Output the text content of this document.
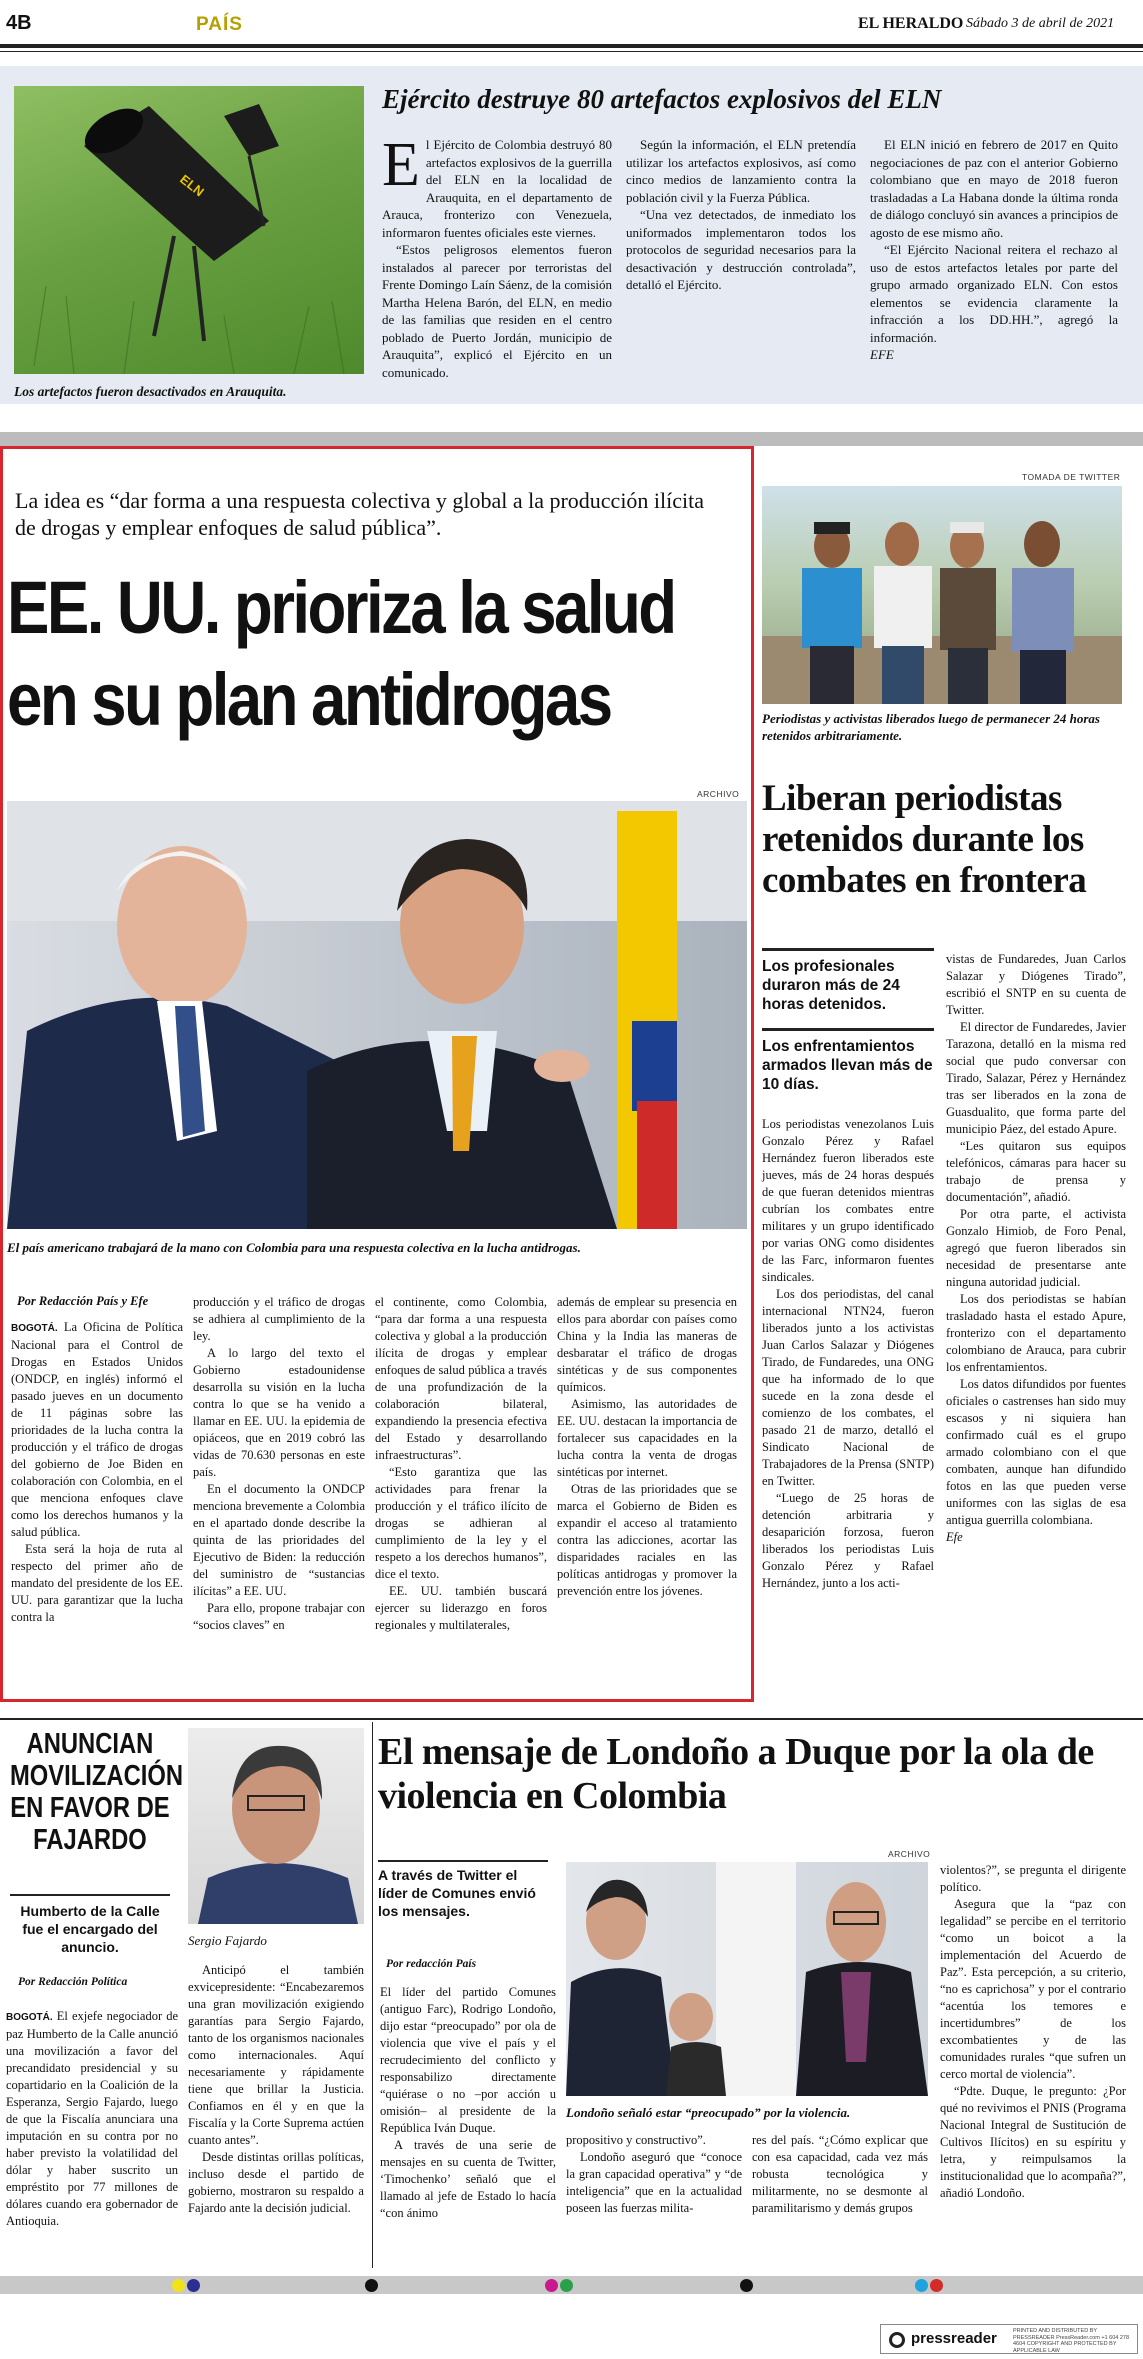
4B	PAÍS	EL HERALDO Sábado 3 de abril de 2021
ELN
Los artefactos fueron desactivados en Arauquita.
Ejército destruye 80 artefactos explosivos del ELN
E l Ejército de Colombia destruyó 80 artefactos explosivos de la guerrilla del ELN en la localidad de Arauquita, en el departamento de Arauca, fronterizo con Venezuela, informaron fuentes oficiales este viernes.

“Estos peligrosos elementos fueron instalados al parecer por terroristas del Frente Domingo Laín Sáenz, de la comisión Martha Helena Barón, del ELN, en medio de las familias que residen en el centro poblado de Puerto Jordán, municipio de Arauquita”, explicó el Ejército en un comunicado.

Según la información, el ELN pretendía utilizar los artefactos explosivos, así como cinco medios de lanzamiento contra la población civil y la Fuerza Pública.

“Una vez detectados, de inmediato los uniformados implementaron todos los protocolos de seguridad necesarios para la desactivación y destrucción controlada”, detalló el Ejército.

El ELN inició en febrero de 2017 en Quito negociaciones de paz con el anterior Gobierno colombiano que en mayo de 2018 fueron trasladadas a La Habana donde la última ronda de diálogo concluyó sin avances a principios de agosto de ese mismo año.

“El Ejército Nacional reitera el rechazo al uso de estos artefactos letales por parte del grupo armado organizado ELN. Con estos elementos se evidencia claramente la infracción a los DD.HH.”, agregó la información.

EFE

La idea es “dar forma a una respuesta colectiva y global a la producción ilícita de drogas y emplear enfoques de salud pública”.
EE. UU. prioriza la salud
en su plan antidrogas
ARCHIVO
El país americano trabajará de la mano con Colombia para una respuesta colectiva en la lucha antidrogas.
Por Redacción País y Efe

BOGOTÁ. La Oficina de Política Nacional para el Control de Drogas en Estados Unidos (ONDCP, en inglés) informó el pasado jueves en un documento de 11 páginas sobre las prioridades de la lucha contra la producción y el tráfico de drogas del gobierno de Joe Biden en colaboración con Colombia, en el que menciona enfoques clave como los derechos humanos y la salud pública.

Esta será la hoja de ruta al respecto del primer año de mandato del presidente de los EE. UU. para garantizar que la lucha contra la

producción y el tráfico de drogas se adhiera al cumplimiento de la ley.

A lo largo del texto el Gobierno estadounidense desarrolla su visión en la lucha contra lo que se ha venido a llamar en EE. UU. la epidemia de opiáceos, que en 2019 cobró las vidas de 70.630 personas en este país.

En el documento la ONDCP menciona brevemente a Colombia en el apartado donde describe la quinta de las prioridades del Ejecutivo de Biden: la reducción del suministro de “sustancias ilícitas” a EE. UU.

Para ello, propone trabajar con “socios claves” en

el continente, como Colombia, “para dar forma a una respuesta colectiva y global a la producción ilícita de drogas y emplear enfoques de salud pública a través de una profundización de la colaboración bilateral, expandiendo la presencia efectiva del Estado y desarrollando infraestructuras”.

“Esto garantiza que las actividades para frenar la producción y el tráfico ilícito de drogas se adhieran al cumplimiento de la ley y el respeto a los derechos humanos”, dice el texto.

EE. UU. también buscará ejercer su liderazgo en foros regionales y multilaterales,

además de emplear su presencia en ellos para abordar con países como China y la India las maneras de desbaratar el tráfico de drogas sintéticas y de sus componentes químicos.

Asimismo, las autoridades de EE. UU. destacan la importancia de fortalecer sus capacidades en la lucha contra la venta de drogas sintéticas por internet.

Otras de las prioridades que se marca el Gobierno de Biden es expandir el acceso al tratamiento contra las adicciones, acortar las disparidades raciales en las políticas antidrogas y promover la prevención entre los jóvenes.

TOMADA DE TWITTER
Periodistas y activistas liberados luego de permanecer 24 horas retenidos arbitrariamente.
Liberan periodistas retenidos durante los combates en frontera
Los profesionales duraron más de 24 horas detenidos.
Los enfrentamientos armados llevan más de 10 días.

Los periodistas venezolanos Luis Gonzalo Pérez y Rafael Hernández fueron liberados este jueves, más de 24 horas después de que fueran detenidos mientras cubrían los combates entre militares y un grupo identificado por varias ONG como disidentes de las Farc, informaron fuentes sindicales.

Los dos periodistas, del canal internacional NTN24, fueron liberados junto a los activistas Juan Carlos Salazar y Diógenes Tirado, de Fundaredes, una ONG que ha informado de lo que sucede en la zona desde el comienzo de los combates, el pasado 21 de marzo, detalló el Sindicato Nacional de Trabajadores de la Prensa (SNTP) en Twitter.

“Luego de 25 horas de detención arbitraria y desaparición forzosa, fueron liberados los periodistas Luis Gonzalo Pérez y Rafael Hernández, junto a los acti-

vistas de Fundaredes, Juan Carlos Salazar y Diógenes Tirado”, escribió el SNTP en su cuenta de Twitter.

El director de Fundaredes, Javier Tarazona, detalló en la misma red social que pudo conversar con Tirado, Salazar, Pérez y Hernández tras ser liberados en la zona de Guasdualito, que forma parte del municipio Páez, del estado Apure.

“Les quitaron sus equipos telefónicos, cámaras para hacer su trabajo de prensa y documentación”, añadió.

Por otra parte, el activista Gonzalo Himiob, de Foro Penal, agregó que fueron liberados sin necesidad de presentarse ante ninguna autoridad judicial.

Los dos periodistas se habían trasladado hasta el estado Apure, fronterizo con el departamento colombiano de Arauca, para cubrir los enfrentamientos.

Los datos difundidos por fuentes oficiales o castrenses han sido muy escasos y ni siquiera han confirmado cuál es el grupo armado colombiano con el que combaten, aunque han difundido fotos en las que pueden verse uniformes con las siglas de esa antigua guerrilla colombiana.

Efe

ANUNCIAN MOVILIZACIÓN EN FAVOR DE FAJARDO
Humberto de la Calle fue el encargado del anuncio.
Por Redacción Política
Sergio Fajardo

BOGOTÁ. El exjefe negociador de paz Humberto de la Calle anunció una movilización a favor del precandidato presidencial y su copartidario en la Coalición de la Esperanza, Sergio Fajardo, luego de que la Fiscalía anunciara una imputación en su contra por no haber previsto la volatilidad del dólar y haber suscrito un empréstito por 77 millones de dólares cuando era gobernador de Antioquia.

Anticipó el también exvicepresidente: “Encabezaremos una gran movilización exigiendo garantías para Sergio Fajardo, tanto de los organismos nacionales como internacionales. Aquí necesariamente y rápidamente tiene que brillar la Justicia. Confiamos en él y en que la Fiscalía y la Corte Suprema actúen cuanto antes”.

Desde distintas orillas políticas, incluso desde el partido de gobierno, mostraron su respaldo a Fajardo ante la decisión judicial.

El mensaje de Londoño a Duque por la ola de violencia en Colombia
A través de Twitter el líder de Comunes envió los mensajes.
Por redacción País
ARCHIVO
Londoño señaló estar “preocupado” por la violencia.

El líder del partido Comunes (antiguo Farc), Rodrigo Londoño, dijo estar “preocupado” por ola de violencia que vive el país y el recrudecimiento del conflicto y responsabilizo directamente “quiérase o no –por acción u omisión– al presidente de la República Iván Duque.

A través de una serie de mensajes en su cuenta de Twitter, ‘Timochenko’ señaló que el llamado al jefe de Estado lo hacía “con ánimo

propositivo y constructivo”.

Londoño aseguró que “conoce la gran capacidad operativa” y “de inteligencia” que en la actualidad poseen las fuerzas milita-

res del país. “¿Cómo explicar que con esa capacidad, cada vez más robusta tecnológica y militarmente, no se desmonte al paramilitarismo y demás grupos

violentos?”, se pregunta el dirigente político.

Asegura que la “paz con legalidad” se percibe en el territorio “como un boicot a la implementación del Acuerdo de Paz”. Esta percepción, a su criterio, “no es caprichosa” y por el contrario “acentúa los temores e incertidumbres” de los excombatientes y de las comunidades rurales “que sufren un cerco mortal de violencia”.

“Pdte. Duque, le pregunto: ¿Por qué no revivimos el PNIS (Programa Nacional Integral de Sustitución de Cultivos Ilícitos) en su espíritu y letra, y reimpulsamos la institucionalidad que lo acompaña?”, añadió Londoño.

pressreader	PRINTED AND DISTRIBUTED BY PRESSREADER PressReader.com +1 604 278 4604 COPYRIGHT AND PROTECTED BY APPLICABLE LAW
